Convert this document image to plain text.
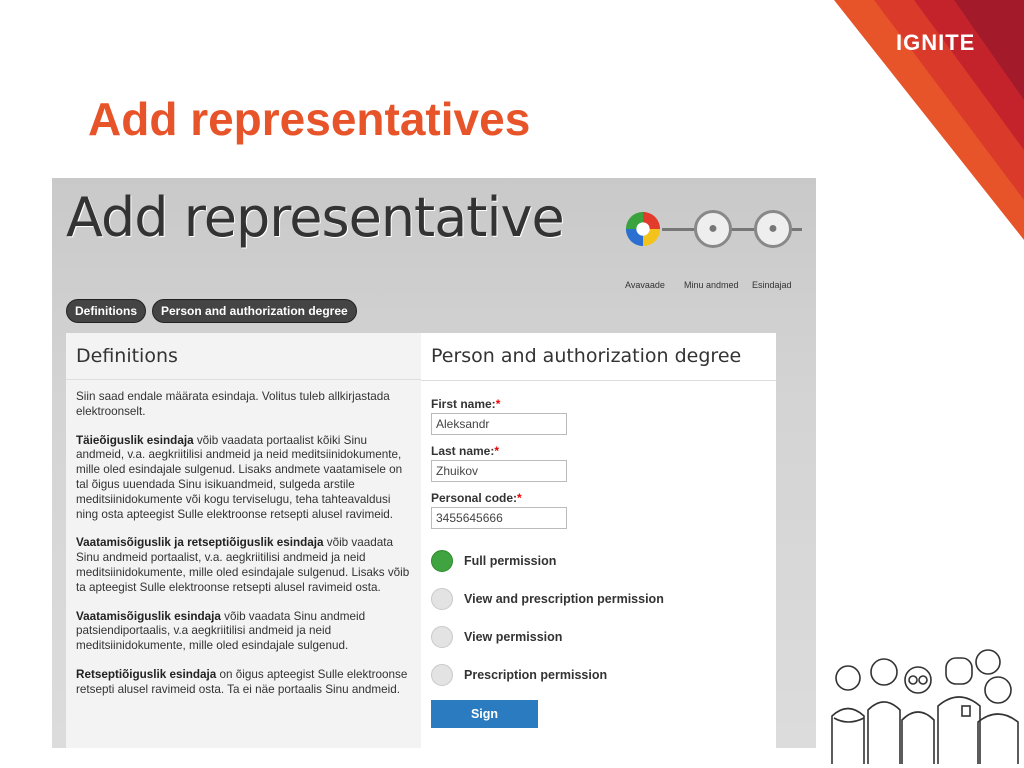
IGNITE
Add representatives
Add representative	●	●
Avavaade Minu andmed Esindajad
Definitions	Person and authorization degree
Definitions

Siin saad endale määrata esindaja. Volitus tuleb allkirjastada elektroonselt.

Täieõiguslik esindaja võib vaadata portaalist kõiki Sinu andmeid, v.a. aegkriitilisi andmeid ja neid meditsiinidokumente, mille oled esindajale sulgenud. Lisaks andmete vaatamisele on tal õigus uuendada Sinu isikuandmeid, sulgeda arstile meditsiinidokumente või kogu terviselugu, teha tahteavaldusi ning osta apteegist Sulle elektroonse retsepti alusel ravimeid.

Vaatamisõiguslik ja retseptiõiguslik esindaja võib vaadata Sinu andmeid portaalist, v.a. aegkriitilisi andmeid ja neid meditsiinidokumente, mille oled esindajale sulgenud. Lisaks võib ta apteegist Sulle elektroonse retsepti alusel ravimeid osta.

Vaatamisõiguslik esindaja võib vaadata Sinu andmeid patsiendiportaalis, v.a aegkriitilisi andmeid ja neid meditsiinidokumente, mille oled esindajale sulgenud.

Retseptiõiguslik esindaja on õigus apteegist Sulle elektroonse retsepti alusel ravimeid osta. Ta ei näe portaalis Sinu andmeid.

Person and authorization degree
First name:*
Aleksandr
Last name:*
Zhuikov
Personal code:*
3455645666
Full permission
View and prescription permission
View permission
Prescription permission
Sign
